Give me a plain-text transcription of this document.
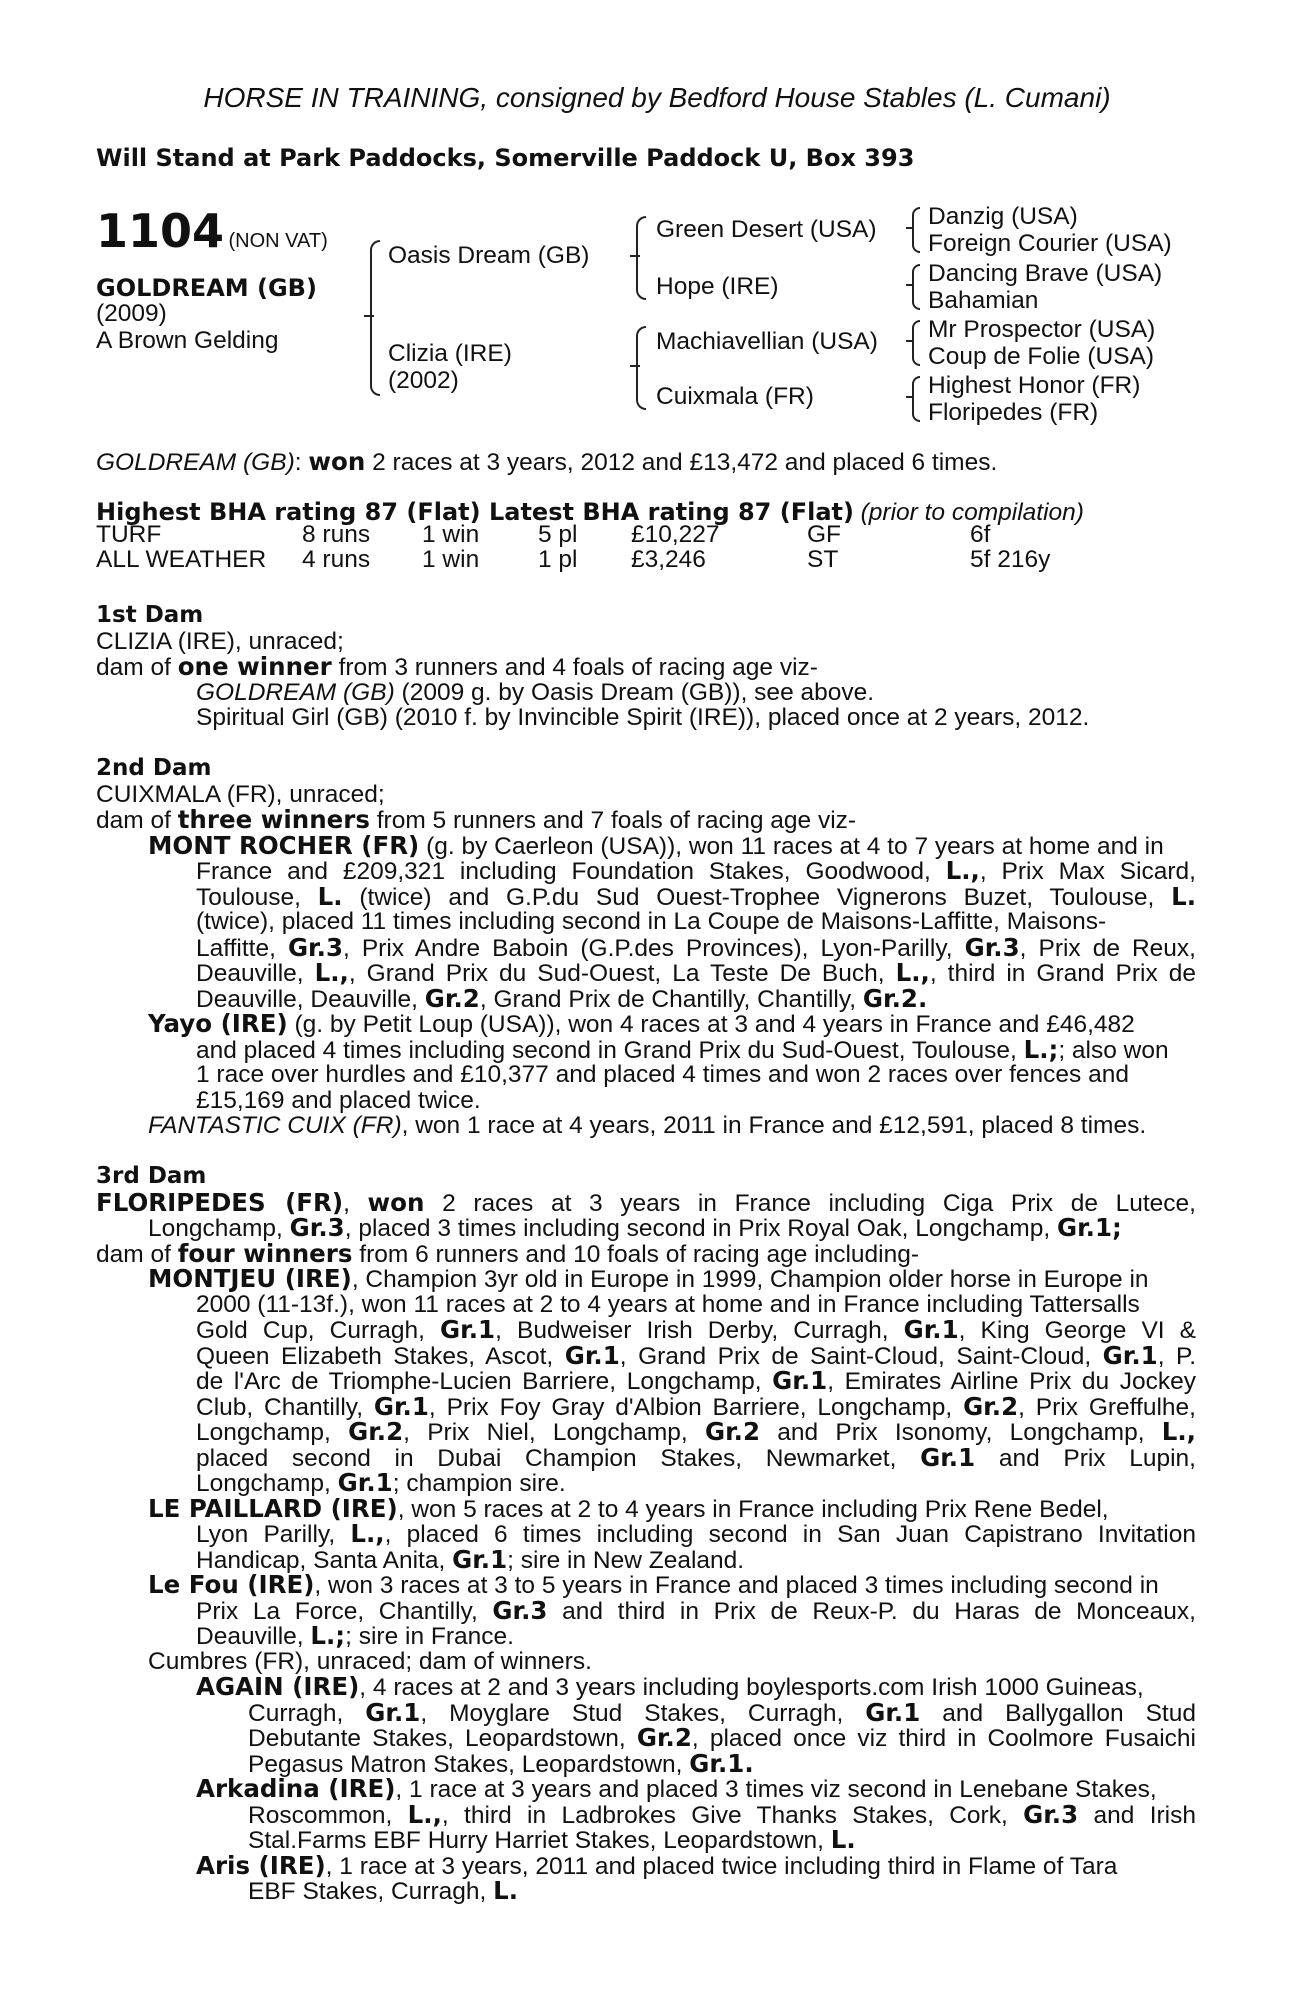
HORSE IN TRAINING, consigned by Bedford House Stables (L. Cumani)
Will Stand at Park Paddocks, Somerville Paddock U, Box 393
1104 (NON VAT)
GOLDREAM (GB)
(2009)
A Brown Gelding
Oasis Dream (GB)
Clizia (IRE)
(2002)
Green Desert (USA)
Hope (IRE)
Machiavellian (USA)
Cuixmala (FR)
Danzig (USA)
Foreign Courier (USA)
Dancing Brave (USA)
Bahamian
Mr Prospector (USA)
Coup de Folie (USA)
Highest Honor (FR)
Floripedes (FR)
GOLDREAM (GB): won 2 races at 3 years, 2012 and £13,472 and placed 6 times.
Highest BHA rating 87 (Flat) Latest BHA rating 87 (Flat) (prior to compilation)
TURF	8 runs	1 win	5 pl	£10,227	GF	6f
ALL WEATHER	4 runs	1 win	1 pl	£3,246	ST	5f 216y
1st Dam
CLIZIA (IRE), unraced;
dam of one winner from 3 runners and 4 foals of racing age viz-
GOLDREAM (GB) (2009 g. by Oasis Dream (GB)), see above.
Spiritual Girl (GB) (2010 f. by Invincible Spirit (IRE)), placed once at 2 years, 2012.
2nd Dam
CUIXMALA (FR), unraced;
dam of three winners from 5 runners and 7 foals of racing age viz-
MONT ROCHER (FR) (g. by Caerleon (USA)), won 11 races at 4 to 7 years at home and in
France and £209,321 including Foundation Stakes, Goodwood, L.,, Prix Max Sicard,
Toulouse, L. (twice) and G.P.du Sud Ouest-Trophee Vignerons Buzet, Toulouse, L.
(twice), placed 11 times including second in La Coupe de Maisons-Laffitte, Maisons-
Laffitte, Gr.3, Prix Andre Baboin (G.P.des Provinces), Lyon-Parilly, Gr.3, Prix de Reux,
Deauville, L.,, Grand Prix du Sud-Ouest, La Teste De Buch, L.,, third in Grand Prix de
Deauville, Deauville, Gr.2, Grand Prix de Chantilly, Chantilly, Gr.2.
Yayo (IRE) (g. by Petit Loup (USA)), won 4 races at 3 and 4 years in France and £46,482
and placed 4 times including second in Grand Prix du Sud-Ouest, Toulouse, L.;; also won
1 race over hurdles and £10,377 and placed 4 times and won 2 races over fences and
£15,169 and placed twice.
FANTASTIC CUIX (FR), won 1 race at 4 years, 2011 in France and £12,591, placed 8 times.
3rd Dam
FLORIPEDES (FR), won 2 races at 3 years in France including Ciga Prix de Lutece,
Longchamp, Gr.3, placed 3 times including second in Prix Royal Oak, Longchamp, Gr.1;
dam of four winners from 6 runners and 10 foals of racing age including-
MONTJEU (IRE), Champion 3yr old in Europe in 1999, Champion older horse in Europe in
2000 (11-13f.), won 11 races at 2 to 4 years at home and in France including Tattersalls
Gold Cup, Curragh, Gr.1, Budweiser Irish Derby, Curragh, Gr.1, King George VI &
Queen Elizabeth Stakes, Ascot, Gr.1, Grand Prix de Saint-Cloud, Saint-Cloud, Gr.1, P.
de l'Arc de Triomphe-Lucien Barriere, Longchamp, Gr.1, Emirates Airline Prix du Jockey
Club, Chantilly, Gr.1, Prix Foy Gray d'Albion Barriere, Longchamp, Gr.2, Prix Greffulhe,
Longchamp, Gr.2, Prix Niel, Longchamp, Gr.2 and Prix Isonomy, Longchamp, L.,
placed second in Dubai Champion Stakes, Newmarket, Gr.1 and Prix Lupin,
Longchamp, Gr.1; champion sire.
LE PAILLARD (IRE), won 5 races at 2 to 4 years in France including Prix Rene Bedel,
Lyon Parilly, L.,, placed 6 times including second in San Juan Capistrano Invitation
Handicap, Santa Anita, Gr.1; sire in New Zealand.
Le Fou (IRE), won 3 races at 3 to 5 years in France and placed 3 times including second in
Prix La Force, Chantilly, Gr.3 and third in Prix de Reux-P. du Haras de Monceaux,
Deauville, L.;; sire in France.
Cumbres (FR), unraced; dam of winners.
AGAIN (IRE), 4 races at 2 and 3 years including boylesports.com Irish 1000 Guineas,
Curragh, Gr.1, Moyglare Stud Stakes, Curragh, Gr.1 and Ballygallon Stud
Debutante Stakes, Leopardstown, Gr.2, placed once viz third in Coolmore Fusaichi
Pegasus Matron Stakes, Leopardstown, Gr.1.
Arkadina (IRE), 1 race at 3 years and placed 3 times viz second in Lenebane Stakes,
Roscommon, L.,, third in Ladbrokes Give Thanks Stakes, Cork, Gr.3 and Irish
Stal.Farms EBF Hurry Harriet Stakes, Leopardstown, L.
Aris (IRE), 1 race at 3 years, 2011 and placed twice including third in Flame of Tara
EBF Stakes, Curragh, L.
